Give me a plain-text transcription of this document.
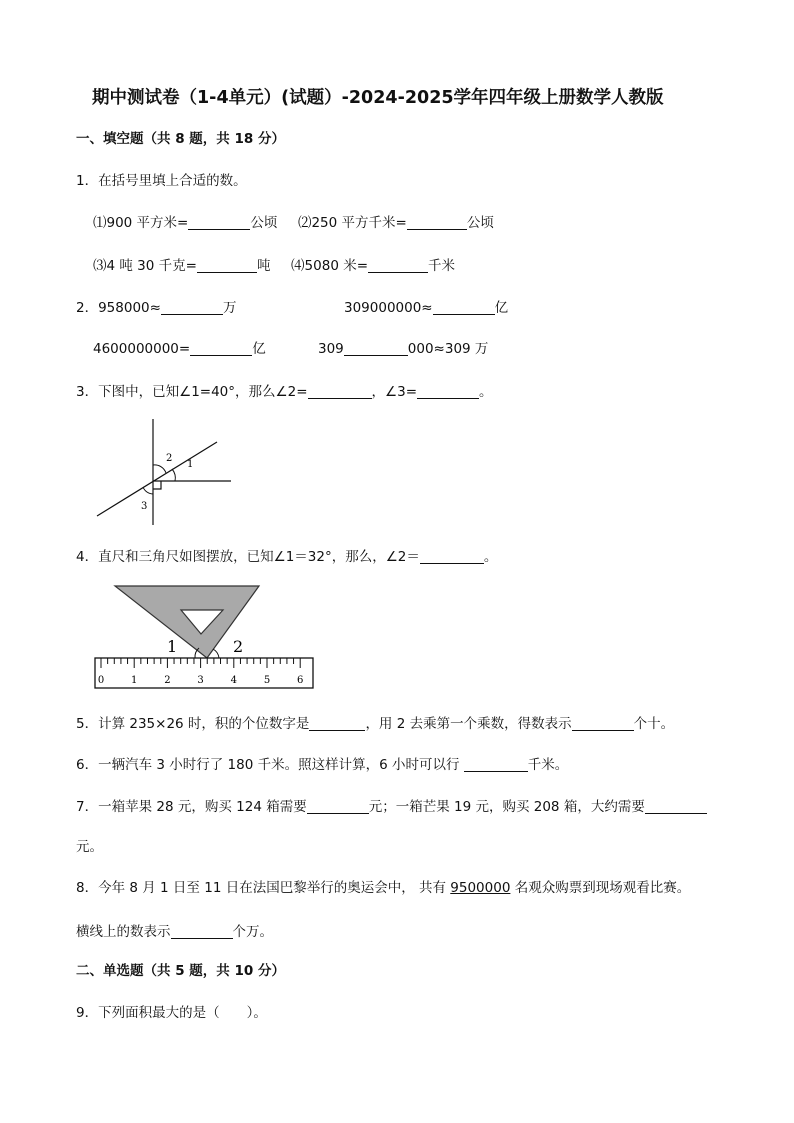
期中测试卷（1-4单元）(试题）-2024-2025学年四年级上册数学人教版
一、填空题（共 8 题，共 18 分）
1．在括号里填上合适的数。
⑴900 平方米=	公顷 ⑵250 平方千米=	公顷
⑶4 吨 30 千克=	吨 ⑷5080 米=	千米
2．958000≈	万	309000000≈	亿
4600000000=	亿	309	000≈309 万
3．下图中，已知∠1=40°，那么∠2=	，∠3=	。
2
1
3
4．直尺和三角尺如图摆放，已知∠1＝32°，那么，∠2＝	。
1	2
0	1	2	3	4	5	6
5．计算 235×26 时，积的个位数字是	，用 2 去乘第一个乘数，得数表示	个十。
6．一辆汽车 3 小时行了 180 千米。照这样计算，6 小时可以行	千米。
7．一箱苹果 28 元，购买 124 箱需要	元；一箱芒果 19 元，购买 208 箱，大约需要
元。
8．今年 8 月 1 日至 11 日在法国巴黎举行的奥运会中， 共有 9500000 名观众购票到现场观看比赛。
横线上的数表示	个万。
二、单选题（共 5 题，共 10 分）
9．下列面积最大的是（　　）。
